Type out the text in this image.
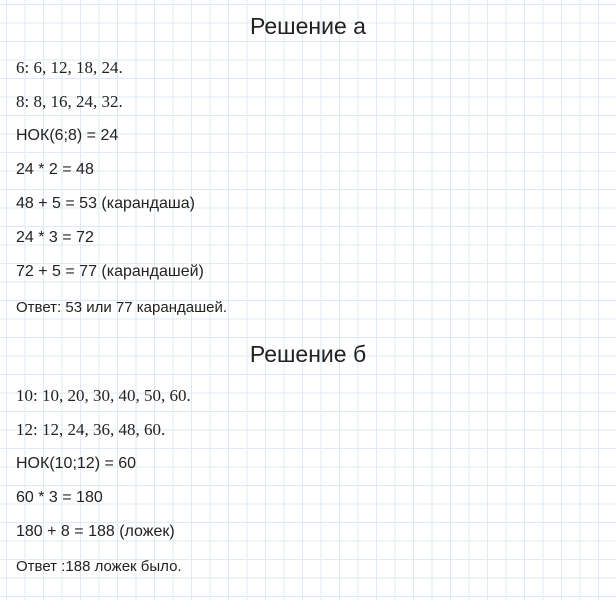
Решение а
6: 6, 12, 18, 24.
8: 8, 16, 24, 32.
НОК(6;8) = 24
24 * 2 = 48
48 + 5 = 53 (карандаша)
24 * 3 = 72
72 + 5 = 77 (карандашей)
Ответ: 53 или 77 карандашей.
Решение б
10: 10, 20, 30, 40, 50, 60.
12: 12, 24, 36, 48, 60.
НОК(10;12) = 60
60 * 3 = 180
180 + 8 = 188 (ложек)
Ответ :188 ложек было.
